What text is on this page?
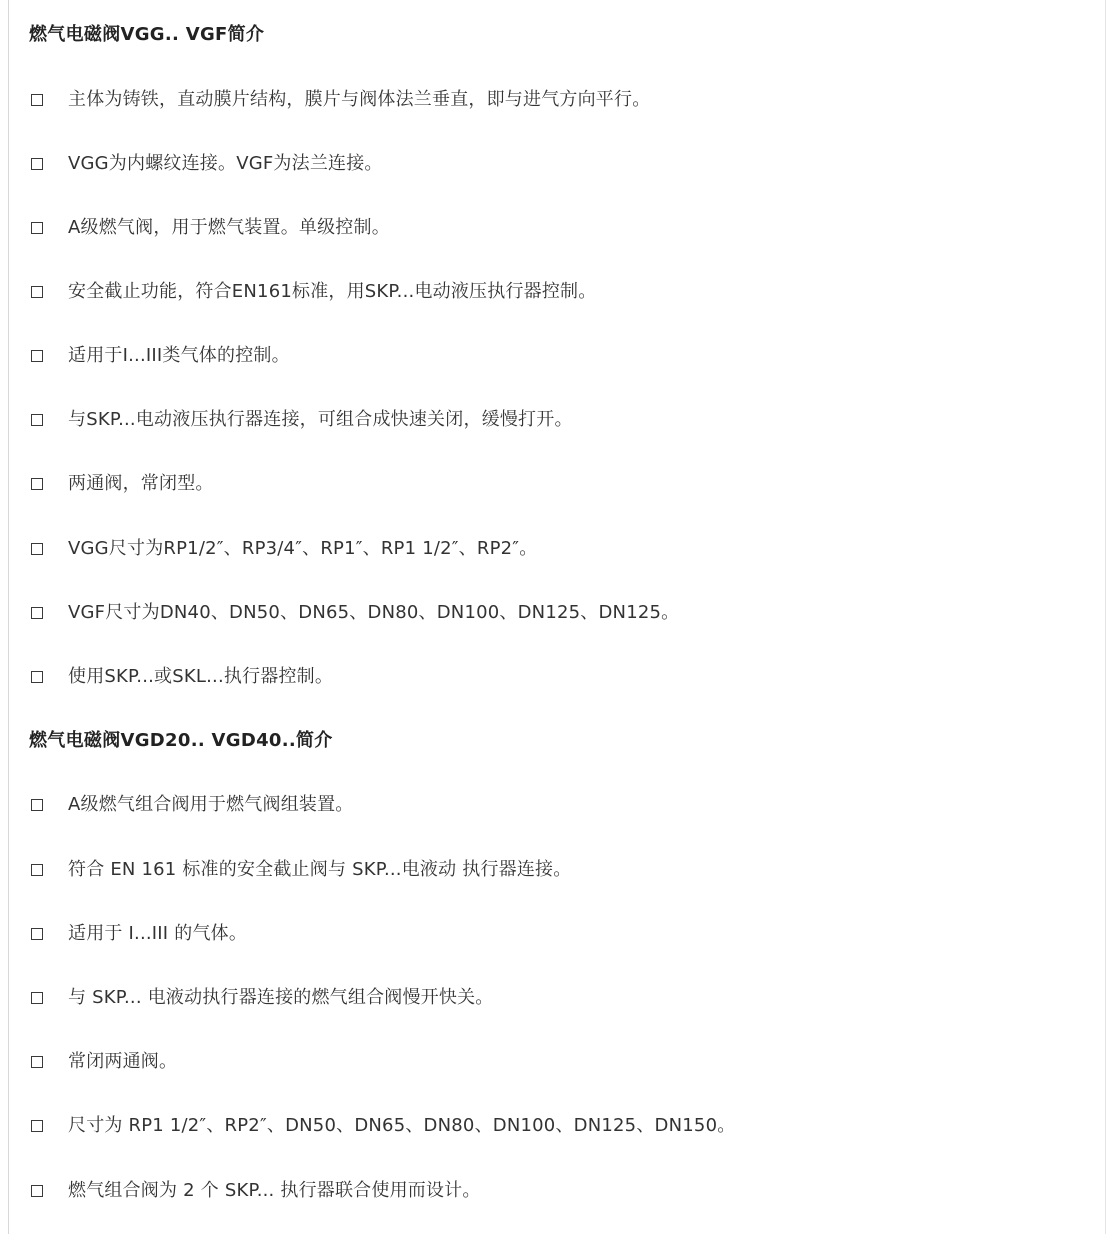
燃气电磁阀VGG.. VGF简介
主体为铸铁，直动膜片结构，膜片与阀体法兰垂直，即与进气方向平行。
VGG为内螺纹连接。VGF为法兰连接。
A级燃气阀，用于燃气装置。单级控制。
安全截止功能，符合EN161标准，用SKP...电动液压执行器控制。
适用于I...III类气体的控制。
与SKP...电动液压执行器连接，可组合成快速关闭，缓慢打开。
两通阀，常闭型。
VGG尺寸为RP1/2″、RP3/4″、RP1″、RP1 1/2″、RP2″。
VGF尺寸为DN40、DN50、DN65、DN80、DN100、DN125、DN125。
使用SKP...或SKL...执行器控制。
燃气电磁阀VGD20.. VGD40..简介
A级燃气组合阀用于燃气阀组装置。
符合 EN 161 标准的安全截止阀与 SKP...电液动 执行器连接。
适用于 I...III 的气体。
与 SKP... 电液动执行器连接的燃气组合阀慢开快关。
常闭两通阀。
尺寸为 RP1 1/2″、RP2″、DN50、DN65、DN80、DN100、DN125、DN150。
燃气组合阀为 2 个 SKP... 执行器联合使用而设计。
